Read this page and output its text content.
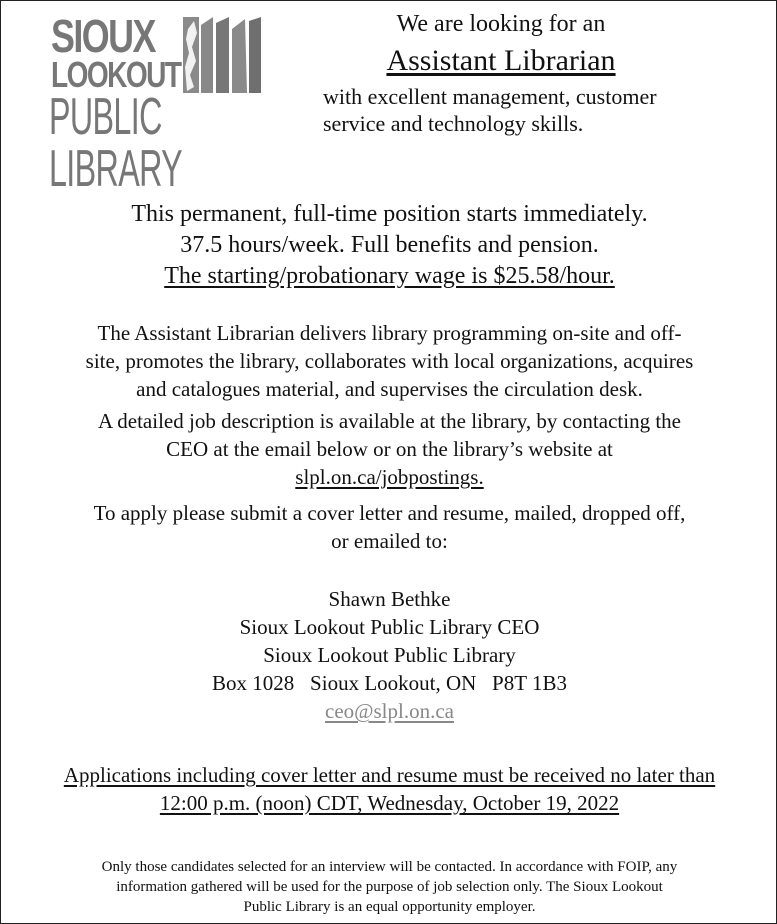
SIOUX
LOOKOUT
PUBLIC LIBRARY
We are looking for an
Assistant Librarian
with excellent management, customer
service and technology skills.
This permanent, full-time position starts immediately.
37.5 hours/week. Full benefits and pension.
The starting/probationary wage is $25.58/hour.
The Assistant Librarian delivers library programming on-site and off-
site, promotes the library, collaborates with local organizations, acquires
and catalogues material, and supervises the circulation desk.
A detailed job description is available at the library, by contacting the
CEO at the email below or on the library’s website at
slpl.on.ca/jobpostings.
To apply please submit a cover letter and resume, mailed, dropped off,
or emailed to:
Shawn Bethke
Sioux Lookout Public Library CEO
Sioux Lookout Public Library
Box 1028   Sioux Lookout, ON   P8T 1B3
ceo@slpl.on.ca
Applications including cover letter and resume must be received no later than
12:00 p.m. (noon) CDT, Wednesday, October 19, 2022
Only those candidates selected for an interview will be contacted. In accordance with FOIP, any
information gathered will be used for the purpose of job selection only. The Sioux Lookout
Public Library is an equal opportunity employer.
